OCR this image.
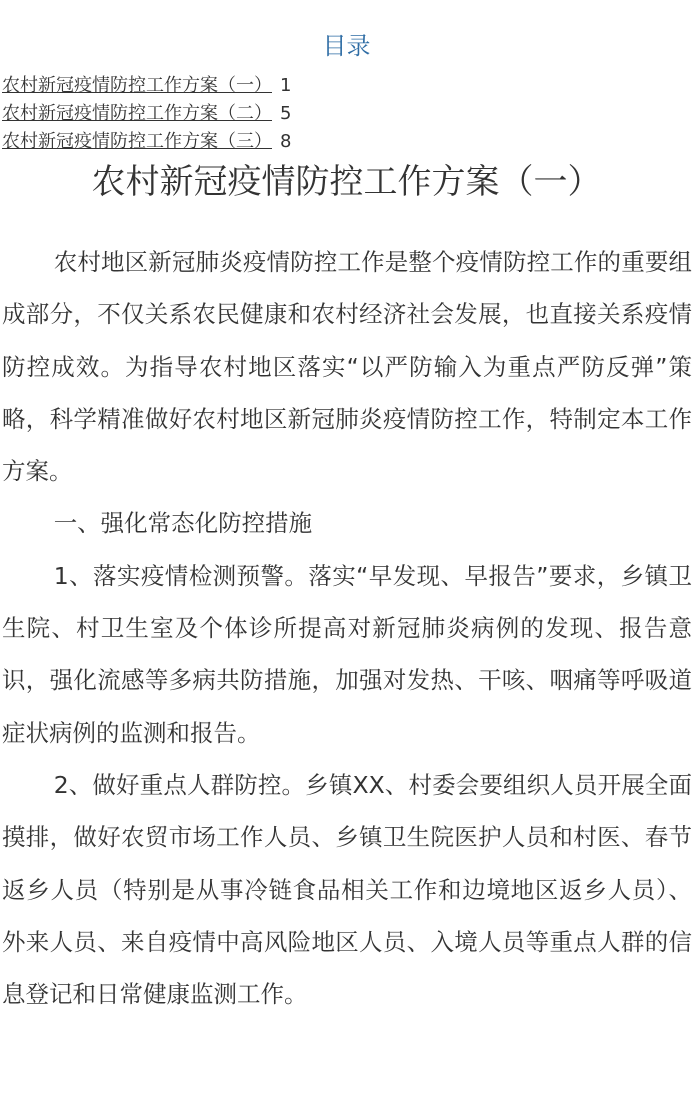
目录
农村新冠疫情防控工作方案（一） 1
农村新冠疫情防控工作方案（二） 5
农村新冠疫情防控工作方案（三） 8
农村新冠疫情防控工作方案（一）

农村地区新冠肺炎疫情防控工作是整个疫情防控工作的重要组成部分，不仅关系农民健康和农村经济社会发展，也直接关系疫情防控成效。为指导农村地区落实“以严防输入为重点严防反弹”策略，科学精准做好农村地区新冠肺炎疫情防控工作，特制定本工作方案。

一、强化常态化防控措施

1、落实疫情检测预警。落实“早发现、早报告”要求，乡镇卫生院、村卫生室及个体诊所提高对新冠肺炎病例的发现、报告意识，强化流感等多病共防措施，加强对发热、干咳、咽痛等呼吸道症状病例的监测和报告。

2、做好重点人群防控。乡镇XX、村委会要组织人员开展全面摸排，做好农贸市场工作人员、乡镇卫生院医护人员和村医、春节返乡人员（特别是从事冷链食品相关工作和边境地区返乡人员）、外来人员、来自疫情中高风险地区人员、入境人员等重点人群的信息登记和日常健康监测工作。
